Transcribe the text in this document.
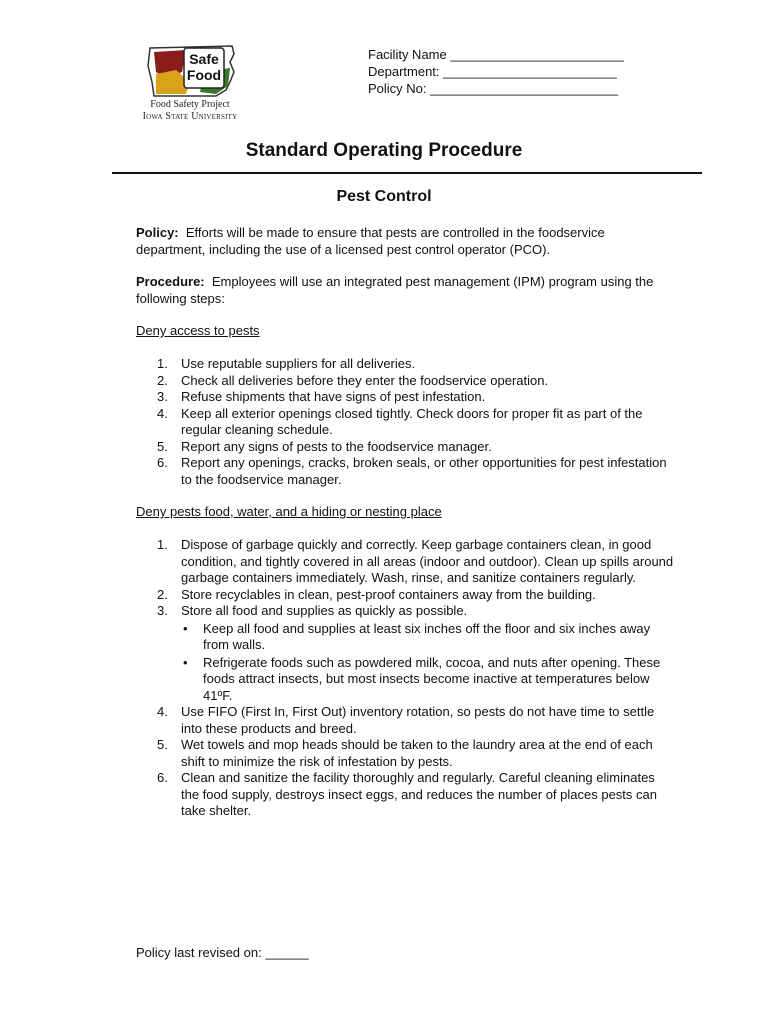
Safe
Food
Food Safety Project
Iowa State University
Facility Name ________________________
Department: ________________________
Policy No: __________________________
Standard Operating Procedure
Pest Control
Policy: Efforts will be made to ensure that pests are controlled in the foodservice department, including the use of a licensed pest control operator (PCO).
Procedure: Employees will use an integrated pest management (IPM) program using the following steps:
Deny access to pests
1. Use reputable suppliers for all deliveries.
2. Check all deliveries before they enter the foodservice operation.
3. Refuse shipments that have signs of pest infestation.
4. Keep all exterior openings closed tightly. Check doors for proper fit as part of the regular cleaning schedule.
5. Report any signs of pests to the foodservice manager.
6. Report any openings, cracks, broken seals, or other opportunities for pest infestation to the foodservice manager.
Deny pests food, water, and a hiding or nesting place
1. Dispose of garbage quickly and correctly. Keep garbage containers clean, in good condition, and tightly covered in all areas (indoor and outdoor). Clean up spills around garbage containers immediately. Wash, rinse, and sanitize containers regularly.
2. Store recyclables in clean, pest-proof containers away from the building.
3. Store all food and supplies as quickly as possible.
• Keep all food and supplies at least six inches off the floor and six inches away from walls.
• Refrigerate foods such as powdered milk, cocoa, and nuts after opening. These foods attract insects, but most insects become inactive at temperatures below 41ºF.
4. Use FIFO (First In, First Out) inventory rotation, so pests do not have time to settle into these products and breed.
5. Wet towels and mop heads should be taken to the laundry area at the end of each shift to minimize the risk of infestation by pests.
6. Clean and sanitize the facility thoroughly and regularly. Careful cleaning eliminates the food supply, destroys insect eggs, and reduces the number of places pests can take shelter.
Policy last revised on: ______
